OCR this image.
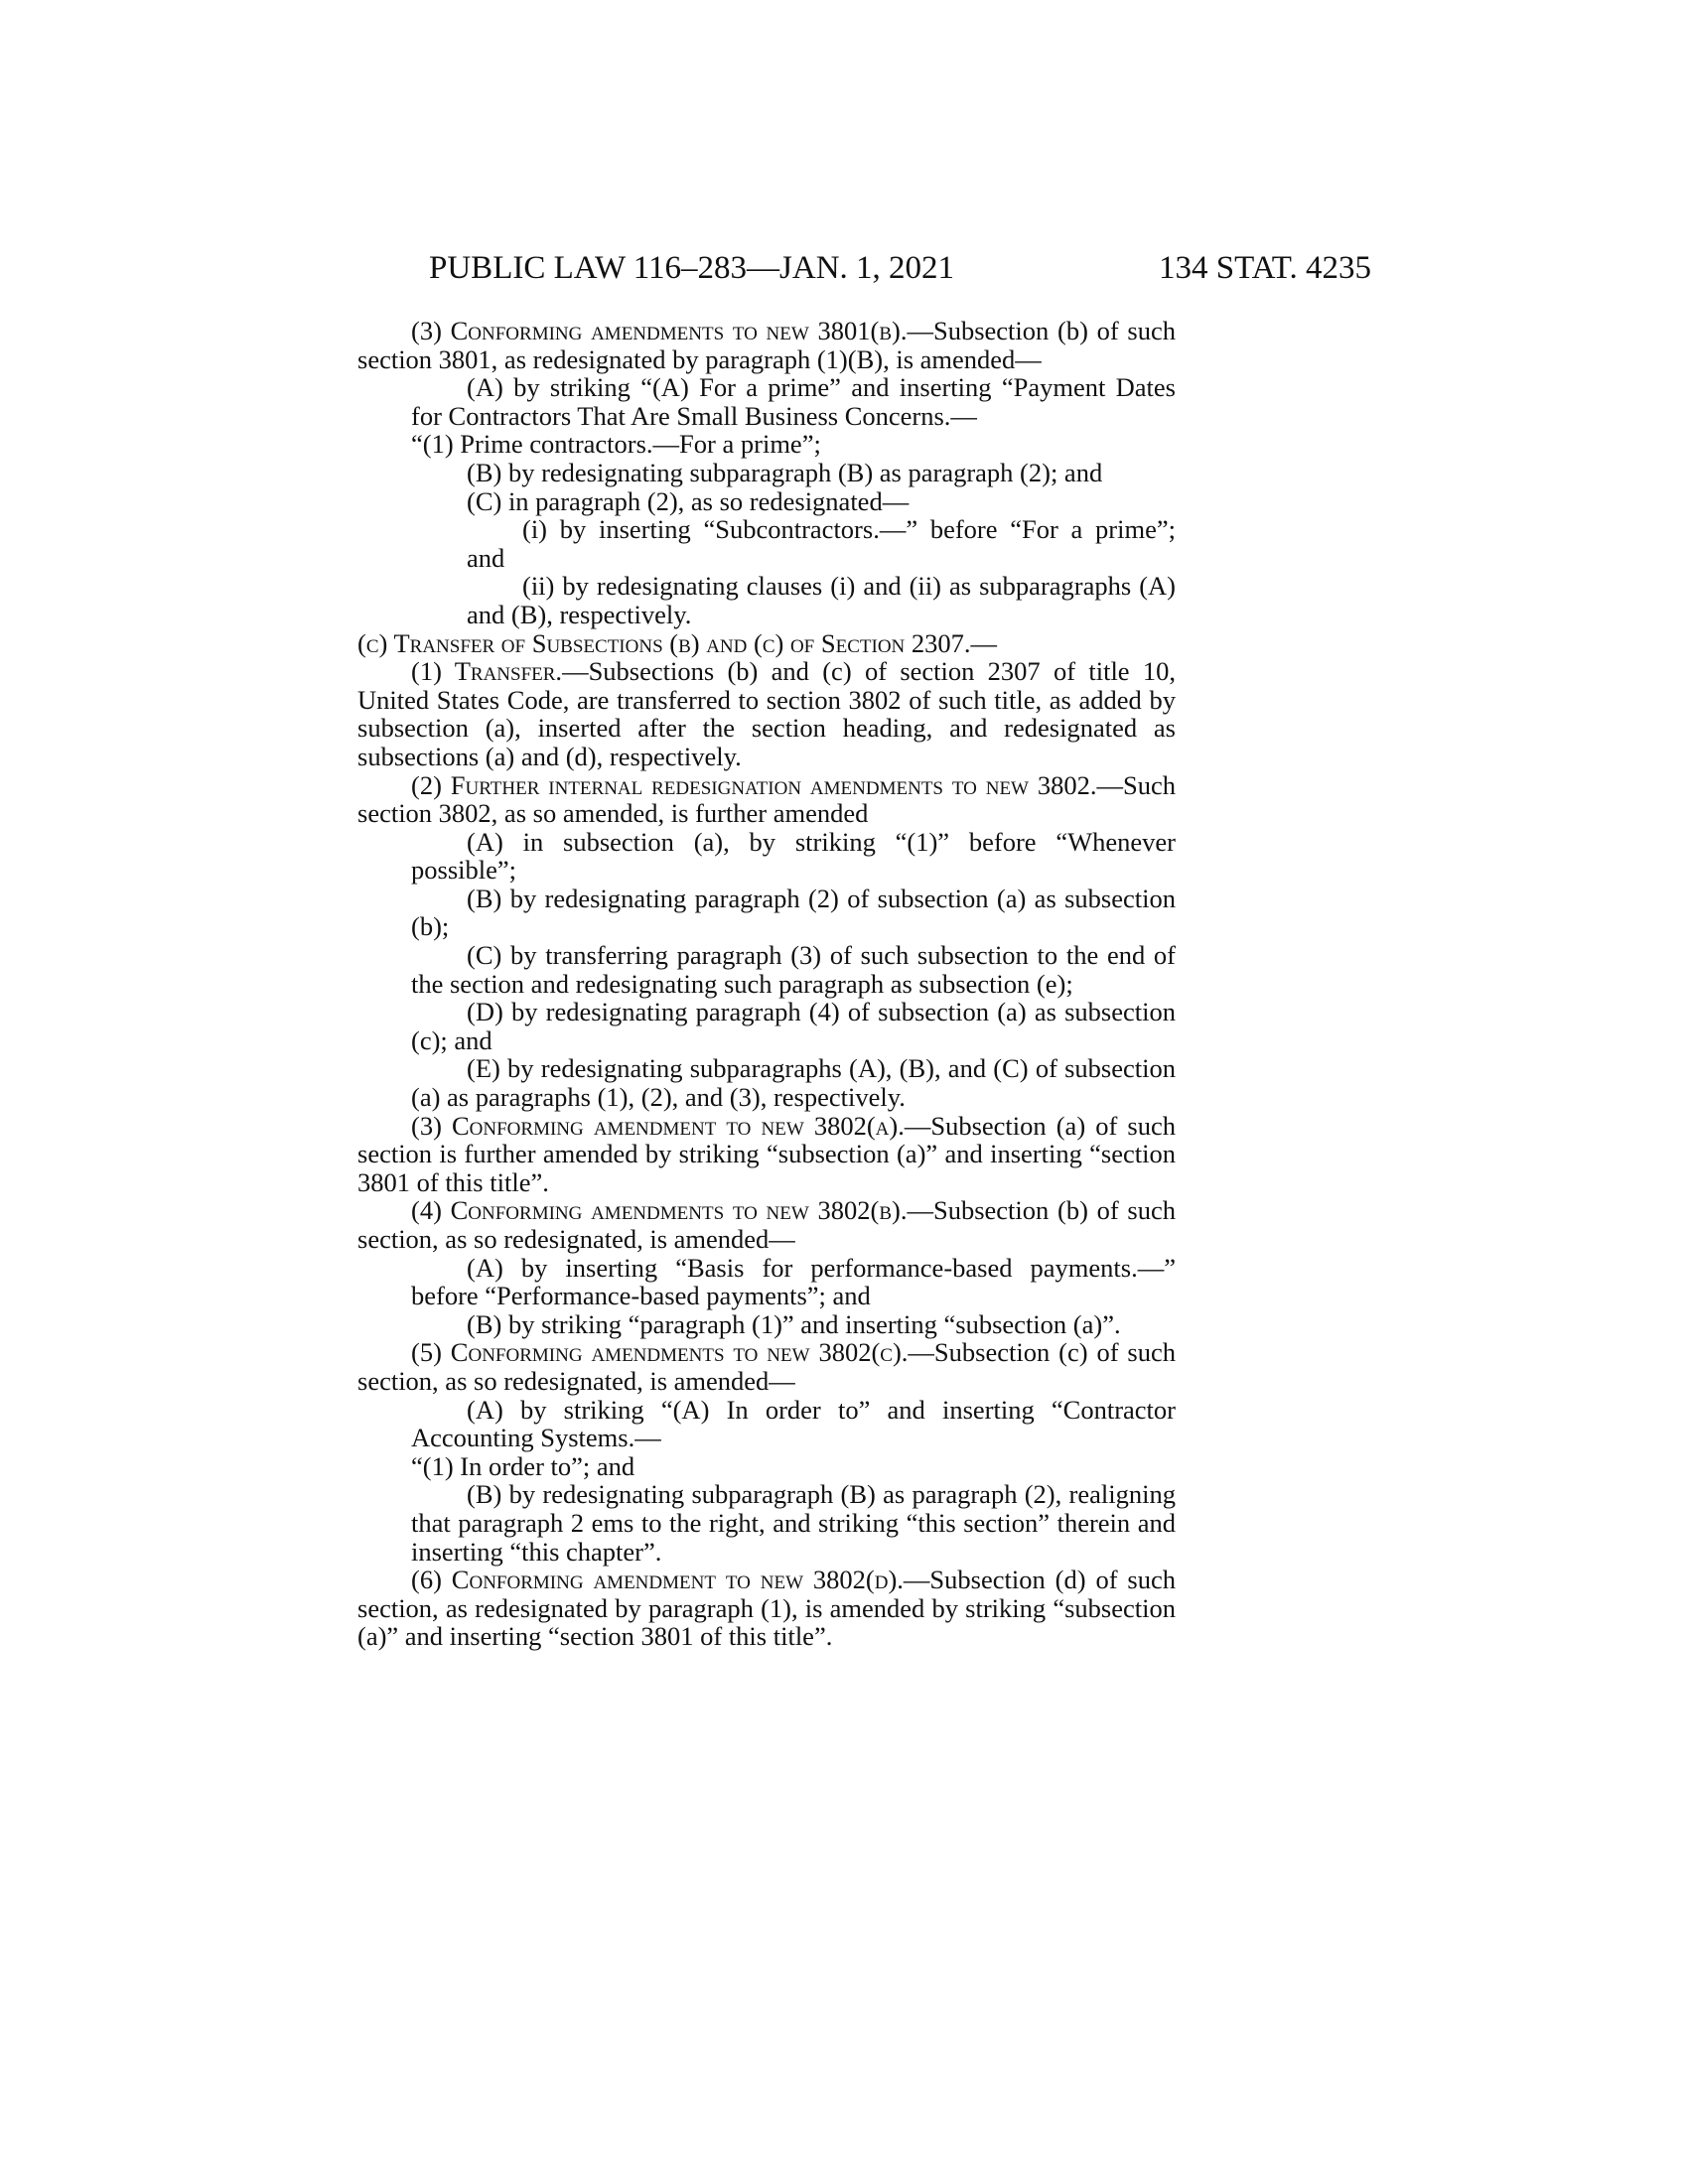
PUBLIC LAW 116–283—JAN. 1, 2021	134 STAT. 4235

(3) Conforming amendments to new 3801(b).—Subsection (b) of such section 3801, as redesignated by paragraph (1)(B), is amended—

(A) by striking “(A) For a prime” and inserting “Payment Dates for Contractors That Are Small Business Concerns.—

“(1) Prime contractors.—For a prime”;

(B) by redesignating subparagraph (B) as paragraph (2); and

(C) in paragraph (2), as so redesignated—

(i) by inserting “Subcontractors.—” before “For a prime”; and

(ii) by redesignating clauses (i) and (ii) as subparagraphs (A) and (B), respectively.

(c) Transfer of Subsections (b) and (c) of Section 2307.—

(1) Transfer.—Subsections (b) and (c) of section 2307 of title 10, United States Code, are transferred to section 3802 of such title, as added by subsection (a), inserted after the section heading, and redesignated as subsections (a) and (d), respectively.

(2) Further internal redesignation amendments to new 3802.—Such section 3802, as so amended, is further amended

(A) in subsection (a), by striking “(1)” before “Whenever possible”;

(B) by redesignating paragraph (2) of subsection (a) as subsection (b);

(C) by transferring paragraph (3) of such subsection to the end of the section and redesignating such paragraph as subsection (e);

(D) by redesignating paragraph (4) of subsection (a) as subsection (c); and

(E) by redesignating subparagraphs (A), (B), and (C) of subsection (a) as paragraphs (1), (2), and (3), respectively.

(3) Conforming amendment to new 3802(a).—Subsection (a) of such section is further amended by striking “subsection (a)” and inserting “section 3801 of this title”.

(4) Conforming amendments to new 3802(b).—Subsection (b) of such section, as so redesignated, is amended—

(A) by inserting “Basis for performance-based payments.—” before “Performance-based payments”; and

(B) by striking “paragraph (1)” and inserting “subsection (a)”.

(5) Conforming amendments to new 3802(c).—Subsection (c) of such section, as so redesignated, is amended—

(A) by striking “(A) In order to” and inserting “Contractor Accounting Systems.—

“(1) In order to”; and

(B) by redesignating subparagraph (B) as paragraph (2), realigning that paragraph 2 ems to the right, and striking “this section” therein and inserting “this chapter”.

(6) Conforming amendment to new 3802(d).—Subsection (d) of such section, as redesignated by paragraph (1), is amended by striking “subsection (a)” and inserting “section 3801 of this title”.
